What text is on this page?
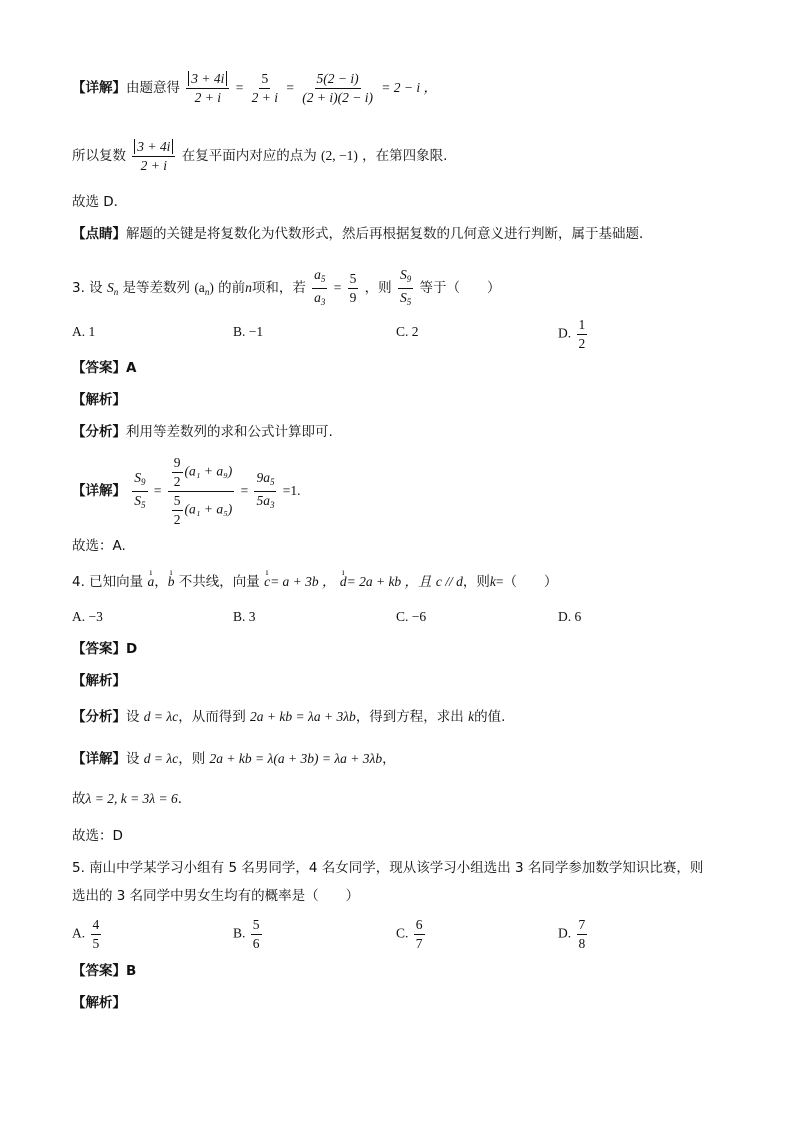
【详解】由题意得 $\frac{3 + 4i}{2 + i} = \frac{5}{2 + i} = \frac{5(2 - i)}{(2 + i)(2 - i)} = 2 - i$ ，
所以复数 $\frac{3 + 4i}{2 + i}$ 在复平面内对应的点为 (2, −1) ，在第四象限.
故选 D．
【点睛】解题的关键是将复数化为代数形式，然后再根据复数的几何意义进行判断，属于基础题．
3. 设 $S_n$ 是等差数列 $(a_n)$ 的前n项和，若 $\frac{a_5}{a_3} = \frac{5}{9}$ ，则 $\frac{S_9}{S_5}$ 等于（　　）
A. 1	B. −1	C. 2	D. $\frac{1}{2}$
【答案】A
【解析】
【分析】利用等差数列的求和公式计算即可.
【详解】 $\frac{S_9}{S_5} = \frac{\frac{9}{2} (a_1 + a_9)}{\frac{5}{2} (a_1 + a_5)} = \frac{9a_5}{5a_3} =1$.
故选：A.
4. 已知向量 ı a，ı b 不共线，向量 ı c= a + 3b ， ı d= 2a + kb ，且 c // d，则k=（　　）
A. −3	B. 3	C. −6	D. 6
【答案】D
【解析】
【分析】设 d = λc，从而得到 2a + kb = λa + 3λb，得到方程，求出 k的值.
【详解】设 d = λc，则 2a + kb = λ(a + 3b) = λa + 3λb，
故λ = 2, k = 3λ = 6．
故选：D
5. 南山中学某学习小组有 5 名男同学，4 名女同学，现从该学习小组选出 3 名同学参加数学知识比赛，则
选出的 3 名同学中男女生均有的概率是（　　）
A. $\frac{4}{5}$	B. $\frac{5}{6}$	C. $\frac{6}{7}$	D. $\frac{7}{8}$
【答案】B
【解析】
